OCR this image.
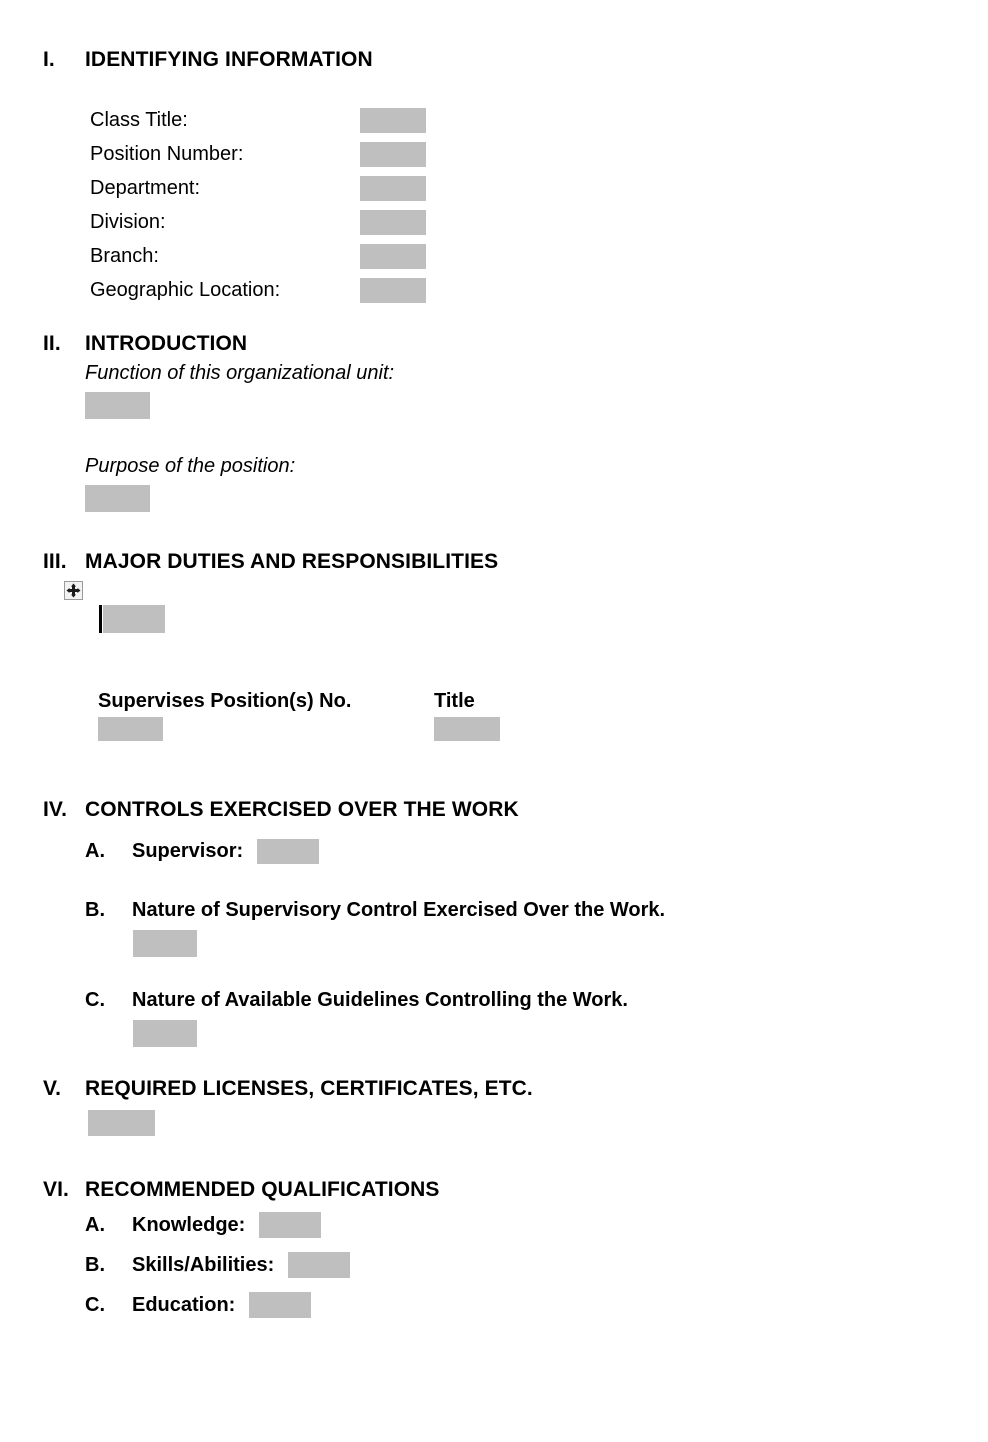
I.	IDENTIFYING INFORMATION
Class Title:
Position Number:
Department:
Division:
Branch:
Geographic Location:
II.	INTRODUCTION
Function of this organizational unit:
Purpose of the position:
III. MAJOR DUTIES AND RESPONSIBILITIES
Supervises Position(s) No.	Title
IV. CONTROLS EXERCISED OVER THE WORK
A.	Supervisor:
B.	Nature of Supervisory Control Exercised Over the Work.
C.	Nature of Available Guidelines Controlling the Work.
V.	REQUIRED LICENSES, CERTIFICATES, ETC.
VI. RECOMMENDED QUALIFICATIONS
A.	Knowledge:
B.	Skills/Abilities:
C.	Education:
